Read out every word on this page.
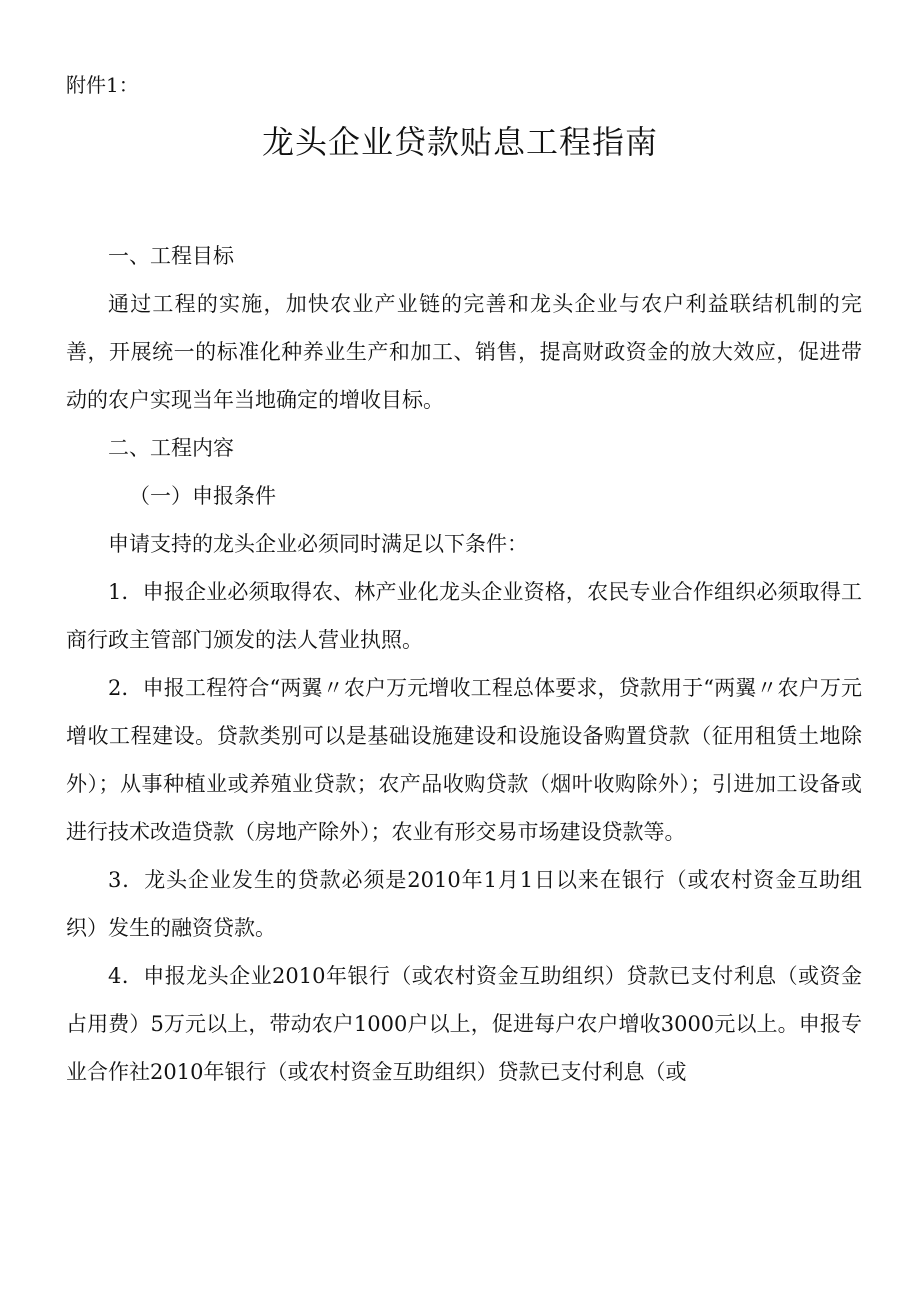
附件1：
龙头企业贷款贴息工程指南

一、工程目标

通过工程的实施，加快农业产业链的完善和龙头企业与农户利益联结机制的完善，开展统一的标准化种养业生产和加工、销售，提高财政资金的放大效应，促进带动的农户实现当年当地确定的增收目标。

二、工程内容

（一）申报条件

申请支持的龙头企业必须同时满足以下条件：

1．申报企业必须取得农、林产业化龙头企业资格，农民专业合作组织必须取得工商行政主管部门颁发的法人营业执照。

2．申报工程符合“两翼〃农户万元增收工程总体要求，贷款用于“两翼〃农户万元增收工程建设。贷款类别可以是基础设施建设和设施设备购置贷款（征用租赁土地除外）；从事种植业或养殖业贷款；农产品收购贷款（烟叶收购除外）；引进加工设备或进行技术改造贷款（房地产除外）；农业有形交易市场建设贷款等。

3．龙头企业发生的贷款必须是2010年1月1日以来在银行（或农村资金互助组织）发生的融资贷款。

4．申报龙头企业2010年银行（或农村资金互助组织）贷款已支付利息（或资金占用费）5万元以上，带动农户1000户以上，促进每户农户增收3000元以上。申报专业合作社2010年银行（或农村资金互助组织）贷款已支付利息（或
